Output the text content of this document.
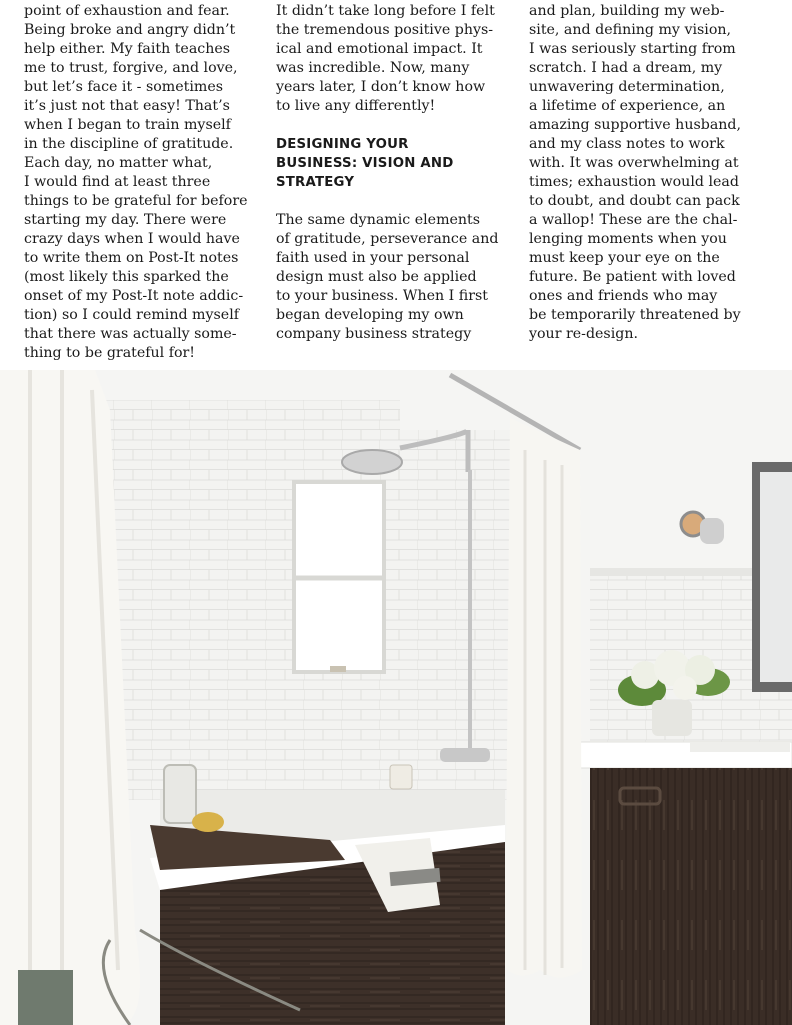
point of exhaustion and fear.
Being broke and angry didn’t
help either. My faith teaches
me to trust, forgive, and love,
but let’s face it - sometimes
it’s just not that easy! That’s
when I began to train myself
in the discipline of gratitude.
Each day, no matter what,
I would find at least three
things to be grateful for before
starting my day. There were
crazy days when I would have
to write them on Post-It notes
(most likely this sparked the
onset of my Post-It note addic-
tion) so I could remind myself
that there was actually some-
thing to be grateful for!
It didn’t take long before I felt
the tremendous positive phys-
ical and emotional impact. It
was incredible. Now, many
years later, I don’t know how
to live any differently!
DESIGNING YOUR
BUSINESS: VISION AND
STRATEGY
The same dynamic elements
of gratitude, perseverance and
faith used in your personal
design must also be applied
to your business. When I first
began developing my own
company business strategy
and plan, building my web-
site, and defining my vision,
I was seriously starting from
scratch. I had a dream, my
unwavering determination,
a lifetime of experience, an
amazing supportive husband,
and my class notes to work
with. It was overwhelming at
times; exhaustion would lead
to doubt, and doubt can pack
a wallop! These are the chal-
lenging moments when you
must keep your eye on the
future. Be patient with loved
ones and friends who may
be temporarily threatened by
your re-design.
